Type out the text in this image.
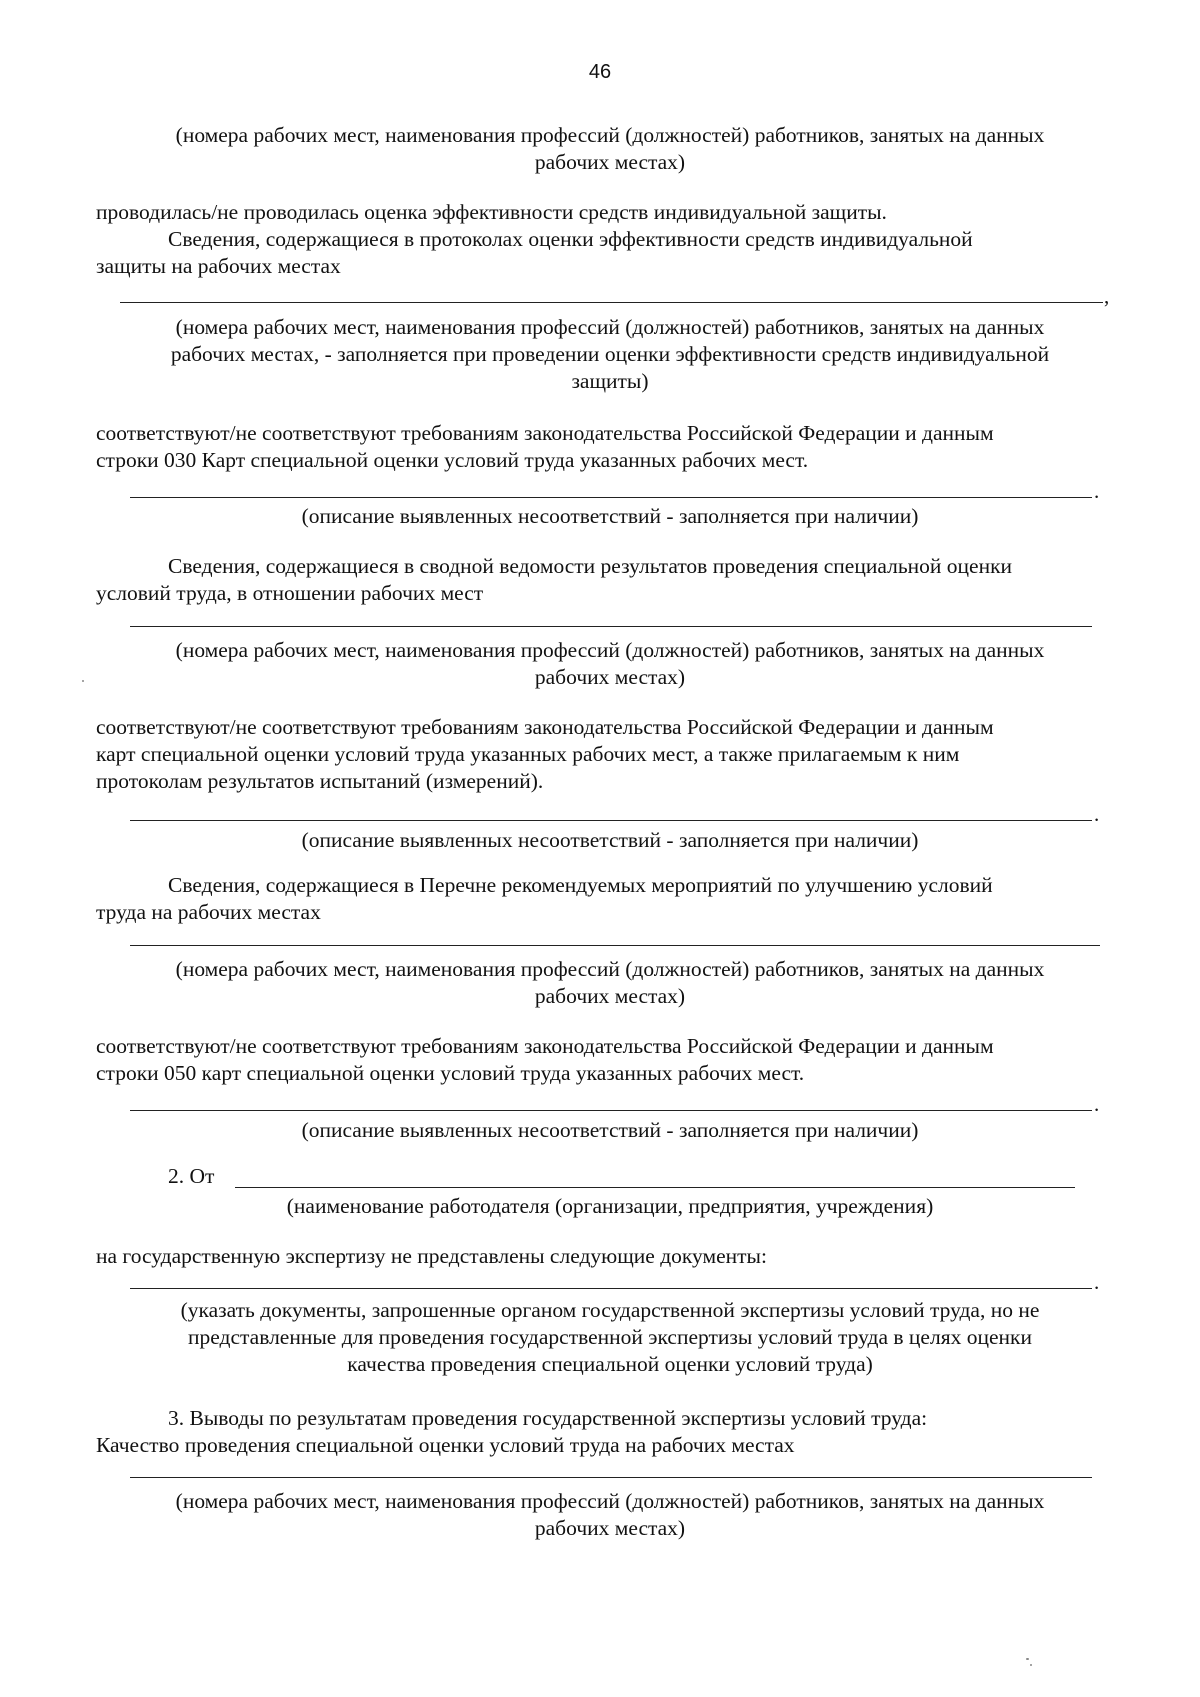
46
(номера рабочих мест, наименования профессий (должностей) работников, занятых на данных
рабочих местах)
проводилась/не проводилась оценка эффективности средств индивидуальной защиты.
Сведения, содержащиеся в протоколах оценки эффективности средств индивидуальной
защиты на рабочих местах
,
(номера рабочих мест, наименования профессий (должностей) работников, занятых на данных
рабочих местах, - заполняется при проведении оценки эффективности средств индивидуальной
защиты)
соответствуют/не соответствуют требованиям законодательства Российской Федерации и данным
строки 030 Карт специальной оценки условий труда указанных рабочих мест.
.
(описание выявленных несоответствий - заполняется при наличии)
Сведения, содержащиеся в сводной ведомости результатов проведения специальной оценки
условий труда, в отношении рабочих мест
(номера рабочих мест, наименования профессий (должностей) работников, занятых на данных
рабочих местах)
соответствуют/не соответствуют требованиям законодательства Российской Федерации и данным
карт специальной оценки условий труда указанных рабочих мест, а также прилагаемым к ним
протоколам результатов испытаний (измерений).
.
(описание выявленных несоответствий - заполняется при наличии)
Сведения, содержащиеся в Перечне рекомендуемых мероприятий по улучшению условий
труда на рабочих местах
(номера рабочих мест, наименования профессий (должностей) работников, занятых на данных
рабочих местах)
соответствуют/не соответствуют требованиям законодательства Российской Федерации и данным
строки 050 карт специальной оценки условий труда указанных рабочих мест.
.
(описание выявленных несоответствий - заполняется при наличии)
2. От
(наименование работодателя (организации, предприятия, учреждения)
на государственную экспертизу не представлены следующие документы:
.
(указать документы, запрошенные органом государственной экспертизы условий труда, но не
представленные для проведения государственной экспертизы условий труда в целях оценки
качества проведения специальной оценки условий труда)
3. Выводы по результатам проведения государственной экспертизы условий труда:
Качество проведения специальной оценки условий труда на рабочих местах
(номера рабочих мест, наименования профессий (должностей) работников, занятых на данных
рабочих местах)
